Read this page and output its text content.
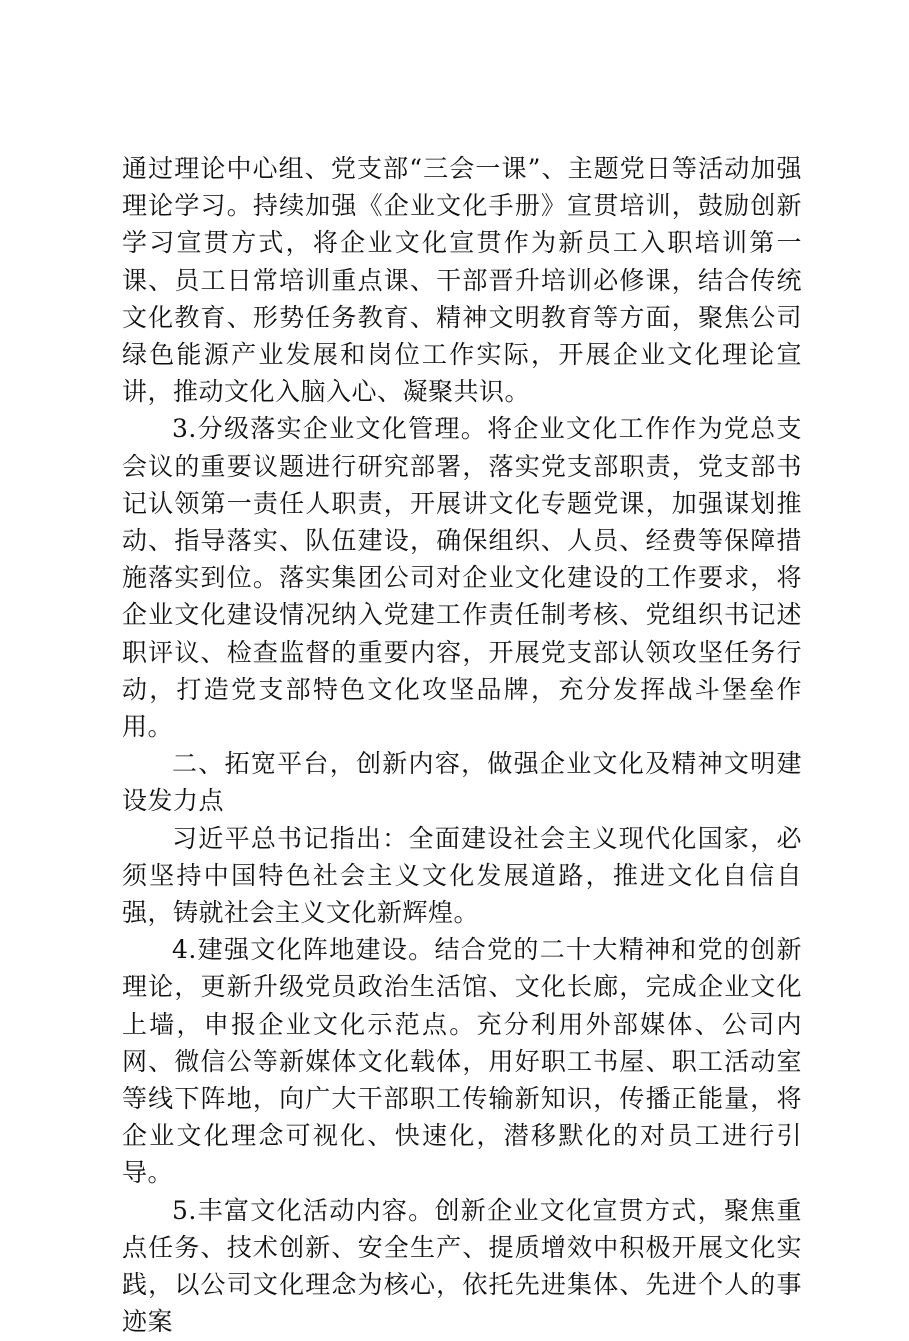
通过理论中心组、党支部“三会一课”、主题党日等活动加强理论学习。持续加强《企业文化手册》宣贯培训，鼓励创新学习宣贯方式，将企业文化宣贯作为新员工入职培训第一课、员工日常培训重点课、干部晋升培训必修课，结合传统文化教育、形势任务教育、精神文明教育等方面，聚焦公司绿色能源产业发展和岗位工作实际，开展企业文化理论宣讲，推动文化入脑入心、凝聚共识。

3.分级落实企业文化管理。将企业文化工作作为党总支会议的重要议题进行研究部署，落实党支部职责，党支部书记认领第一责任人职责，开展讲文化专题党课，加强谋划推动、指导落实、队伍建设，确保组织、人员、经费等保障措施落实到位。落实集团公司对企业文化建设的工作要求，将企业文化建设情况纳入党建工作责任制考核、党组织书记述职评议、检查监督的重要内容，开展党支部认领攻坚任务行动，打造党支部特色文化攻坚品牌，充分发挥战斗堡垒作用。

二、拓宽平台，创新内容，做强企业文化及精神文明建设发力点

习近平总书记指出：全面建设社会主义现代化国家，必须坚持中国特色社会主义文化发展道路，推进文化自信自强，铸就社会主义文化新辉煌。

4.建强文化阵地建设。结合党的二十大精神和党的创新理论，更新升级党员政治生活馆、文化长廊，完成企业文化上墙，申报企业文化示范点。充分利用外部媒体、公司内网、微信公等新媒体文化载体，用好职工书屋、职工活动室等线下阵地，向广大干部职工传输新知识，传播正能量，将企业文化理念可视化、快速化，潜移默化的对员工进行引导。

5.丰富文化活动内容。创新企业文化宣贯方式，聚焦重点任务、技术创新、安全生产、提质增效中积极开展文化实践，以公司文化理念为核心，依托先进集体、先进个人的事迹案
